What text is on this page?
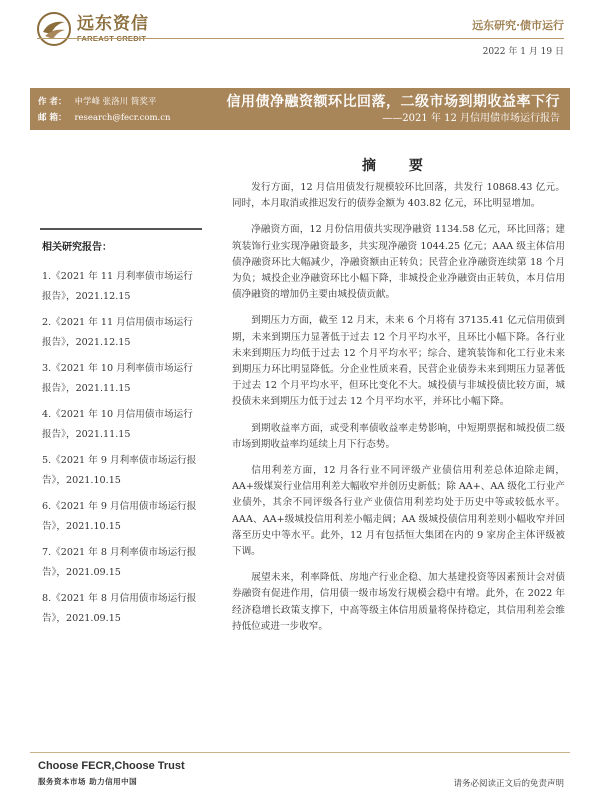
远东资信	远东研究·债市运行
2022 年 1 月 19 日
作 者： 申学峰 张洛川 简奖平
邮 箱： research@fecr.com.cn
信用债净融资额环比回落，二级市场到期收益率下行
——2021 年 12 月信用债市场运行报告
摘 要
相关研究报告：
1.《2021 年 11 月利率债市场运行报告》，2021.12.15
2.《2021 年 11 月信用债市场运行报告》，2021.12.15
3.《2021 年 10 月利率债市场运行报告》，2021.11.15
4.《2021 年 10 月信用债市场运行报告》，2021.11.15
5.《2021 年 9 月利率债市场运行报告》，2021.10.15
6.《2021 年 9 月信用债市场运行报告》，2021.10.15
7.《2021 年 8 月利率债市场运行报告》，2021.09.15
8.《2021 年 8 月信用债市场运行报告》，2021.09.15

发行方面，12 月信用债发行规模较环比回落，共发行 10868.43 亿元。同时，本月取消或推迟发行的债券金额为 403.82 亿元，环比明显增加。

净融资方面，12 月份信用债共实现净融资 1134.58 亿元，环比回落；建筑装饰行业实现净融资最多，共实现净融资 1044.25 亿元；AAA 级主体信用债净融资环比大幅减少，净融资额由正转负；民营企业净融资连续第 18 个月为负；城投企业净融资环比小幅下降，非城投企业净融资由正转负，本月信用债净融资的增加仍主要由城投债贡献。

到期压力方面，截至 12 月末，未来 6 个月将有 37135.41 亿元信用债到期，未来到期压力显著低于过去 12 个月平均水平，且环比小幅下降。各行业未来到期压力均低于过去 12 个月平均水平；综合、建筑装饰和化工行业未来到期压力环比明显降低。分企业性质来看，民营企业债券未来到期压力显著低于过去 12 个月平均水平，但环比变化不大。城投债与非城投债比较方面，城投债未来到期压力低于过去 12 个月平均水平，并环比小幅下降。

到期收益率方面，或受利率债收益率走势影响，中短期票据和城投债二级市场到期收益率均延续上月下行态势。

信用利差方面，12 月各行业不同评级产业债信用利差总体迫除走阔，AA+级煤炭行业信用利差大幅收窄并创历史新低；除 AA+、AA 级化工行业产业债外，其余不同评级各行业产业债信用利差均处于历史中等或较低水平。AAA、AA+级城投信用利差小幅走阔；AA 级城投债信用利差则小幅收窄并回落至历史中等水平。此外，12 月有包括恒大集团在内的 9 家房企主体评级被下调。

展望未来，利率降低、房地产行业企稳、加大基建投资等因素预计会对债券融资有促进作用，信用债一级市场发行规模会稳中有增。此外，在 2022 年经济稳增长政策支撑下，中高等级主体信用质量将保持稳定，其信用利差会维持低位或进一步收窄。

Choose FECR,Choose Trust
服务资本市场 助力信用中国	请务必阅读正文后的免责声明
